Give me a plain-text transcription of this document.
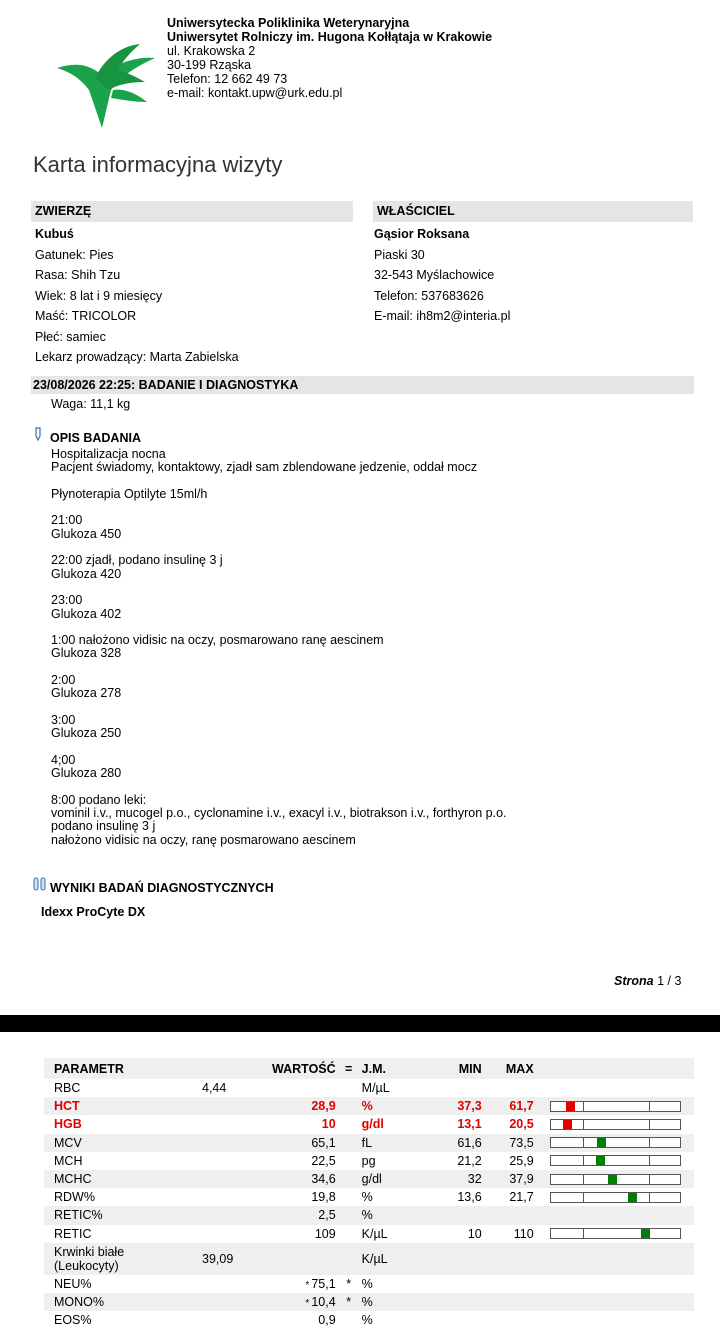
Uniwersytecka Poliklinika Weterynaryjna
Uniwersytet Rolniczy im. Hugona Kołłątaja w Krakowie
ul. Krakowska 2
30-199 Rząska
Telefon: 12 662 49 73
e-mail: kontakt.upw@urk.edu.pl
Karta informacyjna wizyty
ZWIERZĘ
Kubuś
Gatunek: Pies
Rasa: Shih Tzu
Wiek: 8 lat i 9 miesięcy
Maść: TRICOLOR
Płeć: samiec
Lekarz prowadzący: Marta Zabielska
WŁAŚCICIEL
Gąsior Roksana
Piaski 30
32-543 Myślachowice
Telefon: 537683626
E-mail: ih8m2@interia.pl
23/08/2026 22:25: BADANIE I DIAGNOSTYKA
Waga: 11,1 kg
OPIS BADANIA
Hospitalizacja nocna
Pacjent świadomy, kontaktowy, zjadł sam zblendowane jedzenie, oddał mocz

Płynoterapia Optilyte 15ml/h

21:00
Glukoza 450

22:00 zjadł, podano insulinę 3 j
Glukoza 420

23:00
Glukoza 402

1:00 nałożono vidisic na oczy, posmarowano ranę aescinem
Glukoza 328

2:00
Glukoza 278

3:00
Glukoza 250

4;00
Glukoza 280

8:00 podano leki:
vominil i.v., mucogel p.o., cyclonamine i.v., exacyl i.v., biotrakson i.v., forthyron p.o.
podano insulinę 3 j
nałożono vidisic na oczy, ranę posmarowano aescinem
WYNIKI BADAŃ DIAGNOSTYCZNYCH
Idexx ProCyte DX
Strona 1 / 3
PARAMETR		WARTOŚĆ	=	J.M.	MIN	MAX	
RBC	4,44			M/µL			
HCT		28,9		%	37,3	61,7	

HGB		10		g/dl	13,1	20,5	

MCV		65,1		fL	61,6	73,5	

MCH		22,5		pg	21,2	25,9	

MCHC		34,6		g/dl	32	37,9	

RDW%		19,8		%	13,6	21,7	

RETIC%		2,5		%			
RETIC		109		K/µL	10	110	

Krwinki białe
(Leukocyty)	39,09			K/µL			
NEU%		* 75,1	*	%			
MONO%		* 10,4	*	%			
EOS%		0,9		%			
